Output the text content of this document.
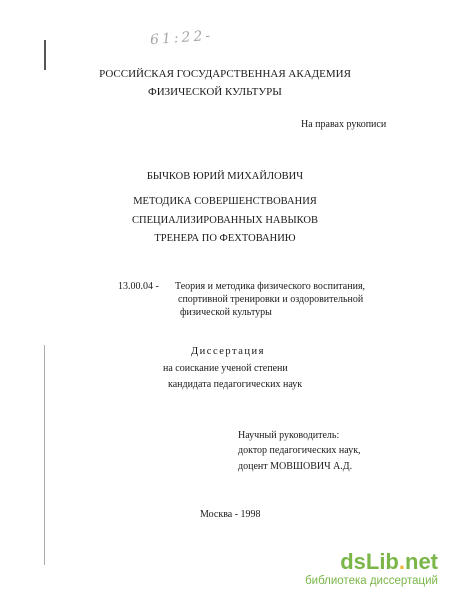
61:22-
РОССИЙСКАЯ ГОСУДАРСТВЕННАЯ АКАДЕМИЯ
ФИЗИЧЕСКОЙ КУЛЬТУРЫ
На правах рукописи
БЫЧКОВ ЮРИЙ МИХАЙЛОВИЧ
МЕТОДИКА СОВЕРШЕНСТВОВАНИЯ
СПЕЦИАЛИЗИРОВАННЫХ НАВЫКОВ
ТРЕНЕРА ПО ФЕХТОВАНИЮ
13.00.04 - Теория и методика физического воспитания,
спортивной тренировки и оздоровительной
физической культуры
Диссертация
на соискание ученой степени
кандидата педагогических наук
Научный руководитель:
доктор педагогических наук,
доцент МОВШОВИЧ А.Д.
Москва - 1998
dsLib.net
библиотека диссертаций
